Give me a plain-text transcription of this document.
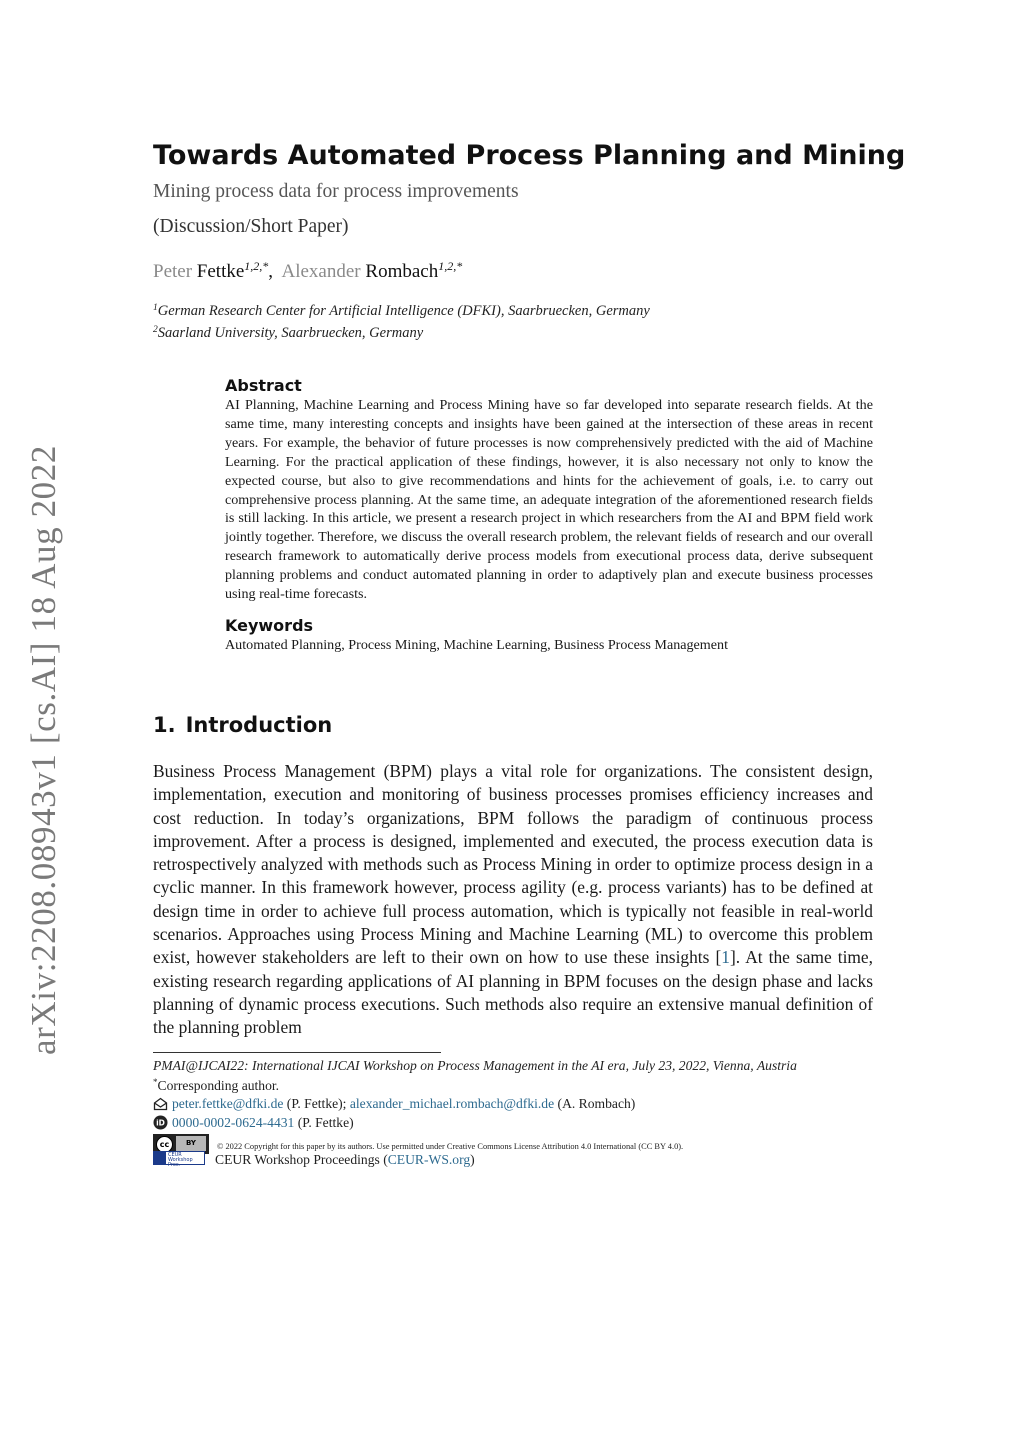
arXiv:2208.08943v1 [cs.AI] 18 Aug 2022
Towards Automated Process Planning and Mining
Mining process data for process improvements
(Discussion/Short Paper)
Peter Fettke$^{1,2,*}$,  Alexander Rombach$^{1,2,*}$
$^1$German Research Center for Artificial Intelligence (DFKI), Saarbruecken, Germany
$^2$Saarland University, Saarbruecken, Germany
Abstract

AI Planning, Machine Learning and Process Mining have so far developed into separate research fields. At the same time, many interesting concepts and insights have been gained at the intersection of these areas in recent years. For example, the behavior of future processes is now comprehensively predicted with the aid of Machine Learning. For the practical application of these findings, however, it is also necessary not only to know the expected course, but also to give recommendations and hints for the achievement of goals, i.e. to carry out comprehensive process planning. At the same time, an adequate integration of the aforementioned research fields is still lacking. In this article, we present a research project in which researchers from the AI and BPM field work jointly together. Therefore, we discuss the overall research problem, the relevant fields of research and our overall research framework to automatically derive process models from executional process data, derive subsequent planning problems and conduct automated planning in order to adaptively plan and execute business processes using real-time forecasts.

Keywords

Automated Planning, Process Mining, Machine Learning, Business Process Management

1. Introduction

Business Process Management (BPM) plays a vital role for organizations. The consistent design, implementation, execution and monitoring of business processes promises efficiency increases and cost reduction. In today’s organizations, BPM follows the paradigm of continuous process improvement. After a process is designed, implemented and executed, the process execution data is retrospectively analyzed with methods such as Process Mining in order to optimize process design in a cyclic manner. In this framework however, process agility (e.g. process variants) has to be defined at design time in order to achieve full process automation, which is typically not feasible in real-world scenarios. Approaches using Process Mining and Machine Learning (ML) to overcome this problem exist, however stakeholders are left to their own on how to use these insights [1]. At the same time, existing research regarding applications of AI planning in BPM focuses on the design phase and lacks planning of dynamic process executions. Such methods also require an extensive manual definition of the planning problem

PMAI@IJCAI22: International IJCAI Workshop on Process Management in the AI era, July 23, 2022, Vienna, Austria
*Corresponding author.
peter.fettke@dfki.de (P. Fettke); alexander_michael.rombach@dfki.de (A. Rombach)
iD 0000-0002-0624-4431 (P. Fettke)
cc	BY	© 2022 Copyright for this paper by its authors. Use permitted under Creative Commons License Attribution 4.0 International (CC BY 4.0).
CEUR
Workshop
Proc.	CEUR Workshop Proceedings (CEUR-WS.org)
